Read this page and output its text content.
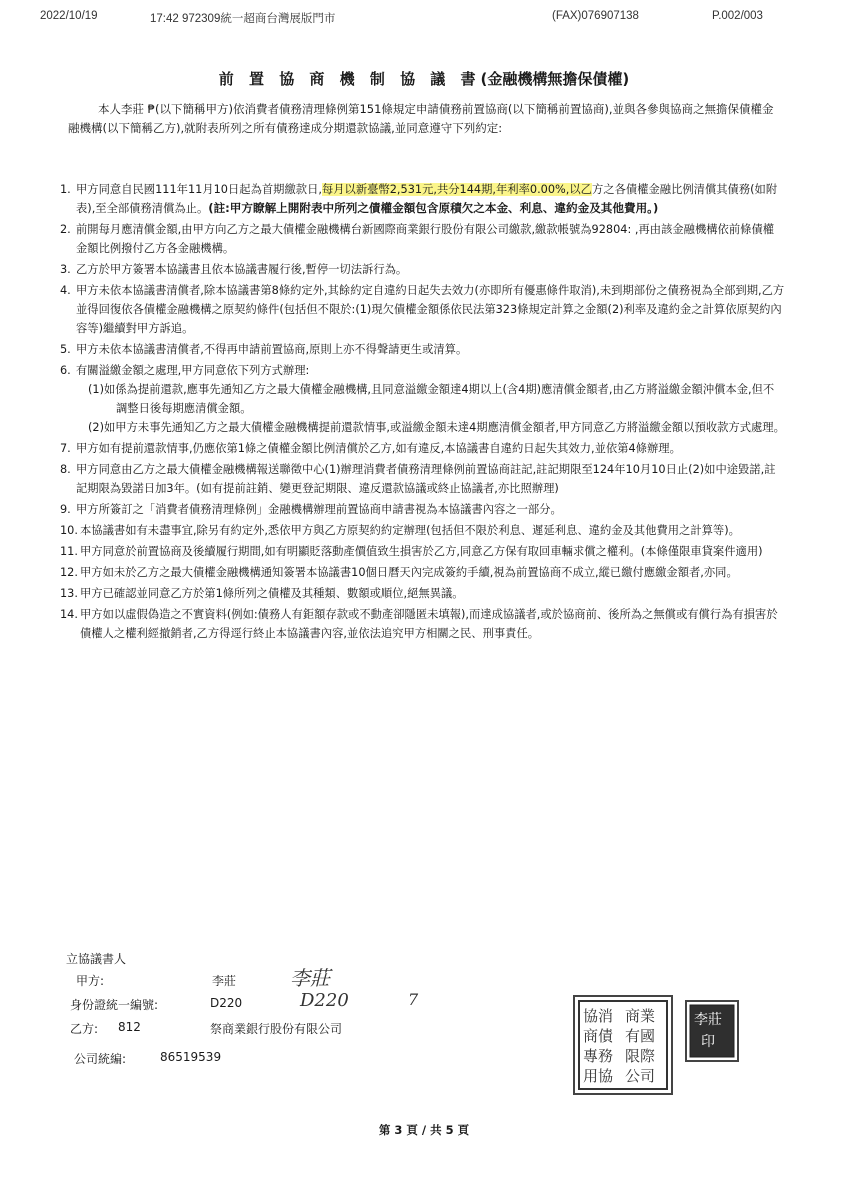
2022/10/19	17:42 972309統一超商台灣展版門市	(FAX)076907138	P.002/003
前 置 協 商 機 制 協 議 書(金融機構無擔保債權)
本人李莊 ₱(以下簡稱甲方)依消費者債務清理條例第151條規定申請債務前置協商(以下簡稱前置協商),並與各參與協商之無擔保債權金融機構(以下簡稱乙方),就附表所列之所有債務達成分期還款協議,並同意遵守下列約定:
1. 甲方同意自民國111年11月10日起為首期繳款日,每月以新臺幣2,531元,共分144期,年利率0.00%,以乙方之各債權金融比例清償其債務(如附表),至全部債務清償為止。(註:甲方瞭解上開附表中所列之債權金額包含原積欠之本金、利息、違約金及其他費用。)
2. 前開每月應清償金額,由甲方向乙方之最大債權金融機構台新國際商業銀行股份有限公司繳款,繳款帳號為92804: ,再由該金融機構依前條債權金額比例撥付乙方各金融機構。
3. 乙方於甲方簽署本協議書且依本協議書履行後,暫停一切法訴行為。
4. 甲方未依本協議書清償者,除本協議書第8條約定外,其餘約定自違約日起失去效力(亦即所有優惠條件取消),未到期部份之債務視為全部到期,乙方並得回復依各債權金融機構之原契約條件(包括但不限於:(1)現欠債權金額係依民法第323條規定計算之金額(2)利率及違約金之計算依原契約內容等)繼續對甲方訴追。
5. 甲方未依本協議書清償者,不得再申請前置協商,原則上亦不得聲請更生或清算。
6. 有關溢繳金額之處理,甲方同意依下列方式辦理:
(1)如係為提前還款,應事先通知乙方之最大債權金融機構,且同意溢繳金額達4期以上(含4期)應清償金額者,由乙方將溢繳金額沖償本金,但不調整日後每期應清償金額。
(2)如甲方未事先通知乙方之最大債權金融機構提前還款情事,或溢繳金額未達4期應清償金額者,甲方同意乙方將溢繳金額以預收款方式處理。
7. 甲方如有提前還款情事,仍應依第1條之債權金額比例清償於乙方,如有違反,本協議書自違約日起失其效力,並依第4條辦理。
8. 甲方同意由乙方之最大債權金融機構報送聯徵中心(1)辦理消費者債務清理條例前置協商註記,註記期限至124年10月10日止(2)如中途毀諾,註記期限為毀諾日加3年。(如有提前註銷、變更登記期限、違反還款協議或終止協議者,亦比照辦理)
9. 甲方所簽訂之「消費者債務清理條例」金融機構辦理前置協商申請書視為本協議書內容之一部分。
10. 本協議書如有未盡事宜,除另有約定外,悉依甲方與乙方原契約約定辦理(包括但不限於利息、遲延利息、違約金及其他費用之計算等)。
11. 甲方同意於前置協商及後續履行期間,如有明顯貶落動產價值致生損害於乙方,同意乙方保有取回車輛求償之權利。(本條僅限車貸案件適用)
12. 甲方如未於乙方之最大債權金融機構通知簽署本協議書10個日曆天內完成簽約手續,視為前置協商不成立,縱已繳付應繳金額者,亦同。
13. 甲方已確認並同意乙方於第1條所列之債權及其種類、數額或順位,絕無異議。
14. 甲方如以虛假偽造之不實資料(例如:債務人有鉅額存款或不動產卻隱匿未填報),而達成協議者,或於協商前、後所為之無償或有償行為有損害於債權人之權利經撤銷者,乙方得逕行終止本協議書內容,並依法追究甲方相關之民、刑事責任。
立協議書人
甲方:	李莊	李莊
身份證統一編號:	D220	D220	7
乙方: 812	祭商業銀行股份有限公司
公司統編:	86519539
協消
商債
專務
用協
商業
有國
限際
公司
李莊
印
第 3 頁 / 共 5 頁
